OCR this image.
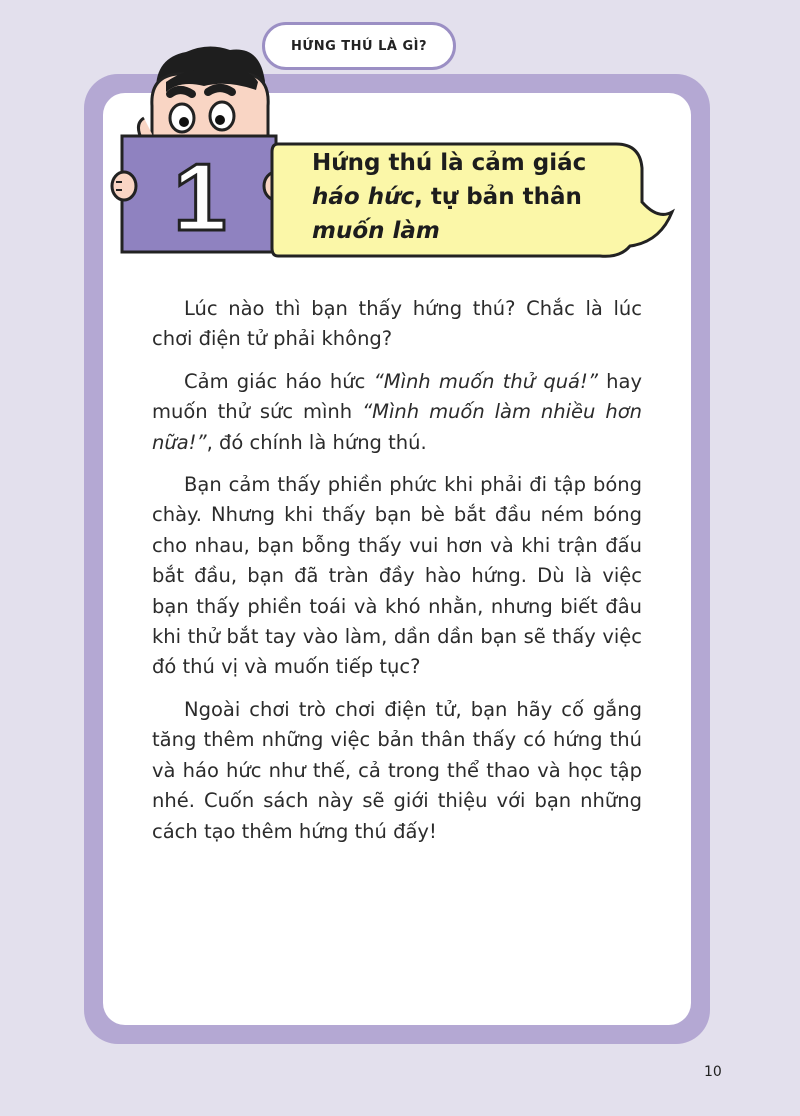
HỨNG THÚ LÀ GÌ?
1	Hứng thú là cảm giác
háo hức, tự bản thân
muốn làm

Lúc nào thì bạn thấy hứng thú? Chắc là lúc chơi điện tử phải không?

Cảm giác háo hức “Mình muốn thử quá!” hay muốn thử sức mình “Mình muốn làm nhiều hơn nữa!”, đó chính là hứng thú.

Bạn cảm thấy phiền phức khi phải đi tập bóng chày. Nhưng khi thấy bạn bè bắt đầu ném bóng cho nhau, bạn bỗng thấy vui hơn và khi trận đấu bắt đầu, bạn đã tràn đầy hào hứng. Dù là việc bạn thấy phiền toái và khó nhằn, nhưng biết đâu khi thử bắt tay vào làm, dần dần bạn sẽ thấy việc đó thú vị và muốn tiếp tục?

Ngoài chơi trò chơi điện tử, bạn hãy cố gắng tăng thêm những việc bản thân thấy có hứng thú và háo hức như thế, cả trong thể thao và học tập nhé. Cuốn sách này sẽ giới thiệu với bạn những cách tạo thêm hứng thú đấy!

10
